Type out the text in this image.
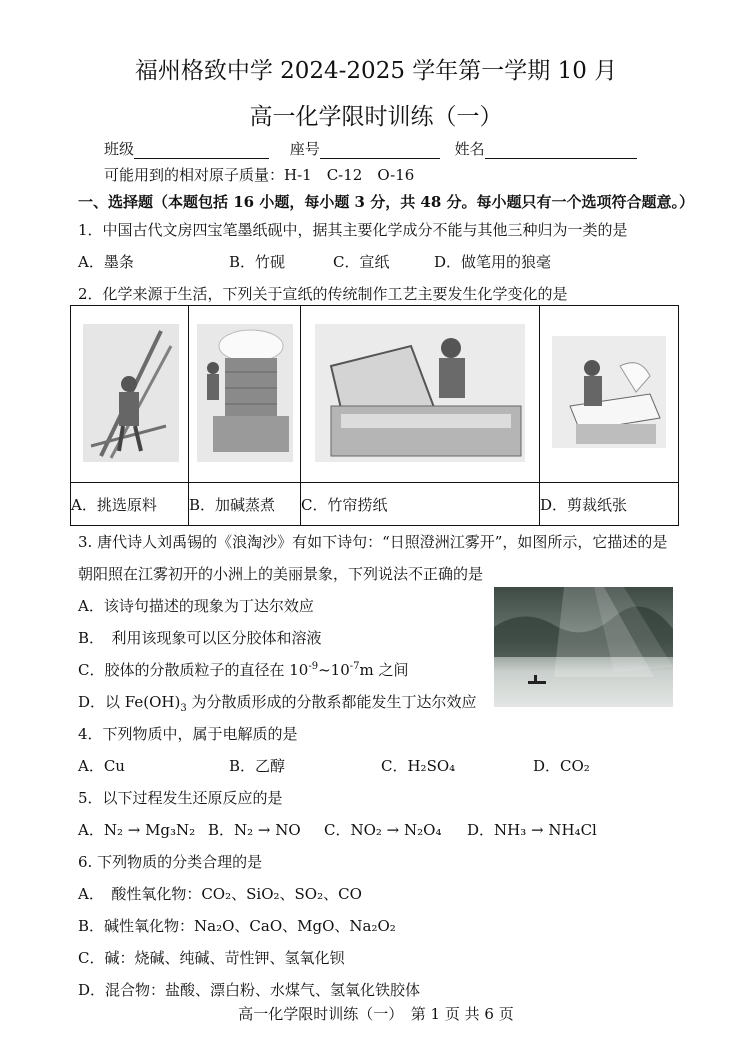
福州格致中学 2024-2025 学年第一学期 10 月
高一化学限时训练（一）
班级	座号	姓名
可能用到的相对原子质量：H-1　C-12　O-16
一、选择题（本题包括 16 小题，每小题 3 分，共 48 分。每小题只有一个选项符合题意。）
1．中国古代文房四宝笔墨纸砚中，据其主要化学成分不能与其他三种归为一类的是
A．墨条	B．竹砚	C．宣纸	D．做笔用的狼毫
2．化学来源于生活，下列关于宣纸的传统制作工艺主要发生化学变化的是

A．挑选原料	B．加碱蒸煮	C．竹帘捞纸	D．剪裁纸张
3. 唐代诗人刘禹锡的《浪淘沙》有如下诗句：“日照澄洲江雾开”，如图所示，它描述的是
朝阳照在江雾初开的小洲上的美丽景象，下列说法不正确的是
A．该诗句描述的现象为丁达尔效应
B．　利用该现象可以区分胶体和溶液
C．胶体的分散质粒子的直径在 $10^{-9}\sim 10^{-7}m$ 之间
D．以 $Fe(OH)_3$ 为分散质形成的分散系都能发生丁达尔效应
4．下列物质中，属于电解质的是
A．Cu	B．乙醇	C．H₂SO₄	D．CO₂
5．以下过程发生还原反应的是
A．N₂ → Mg₃N₂ B．N₂ → NO C．NO₂ → N₂O₄ D．NH₃ → NH₄Cl
6. 下列物质的分类合理的是
A．　酸性氧化物：CO₂、SiO₂、SO₂、CO
B．碱性氧化物：Na₂O、CaO、MgO、Na₂O₂
C．碱：烧碱、纯碱、苛性钾、氢氧化钡
D．混合物：盐酸、漂白粉、水煤气、氢氧化铁胶体
高一化学限时训练（一）　第 1 页 共 6 页
